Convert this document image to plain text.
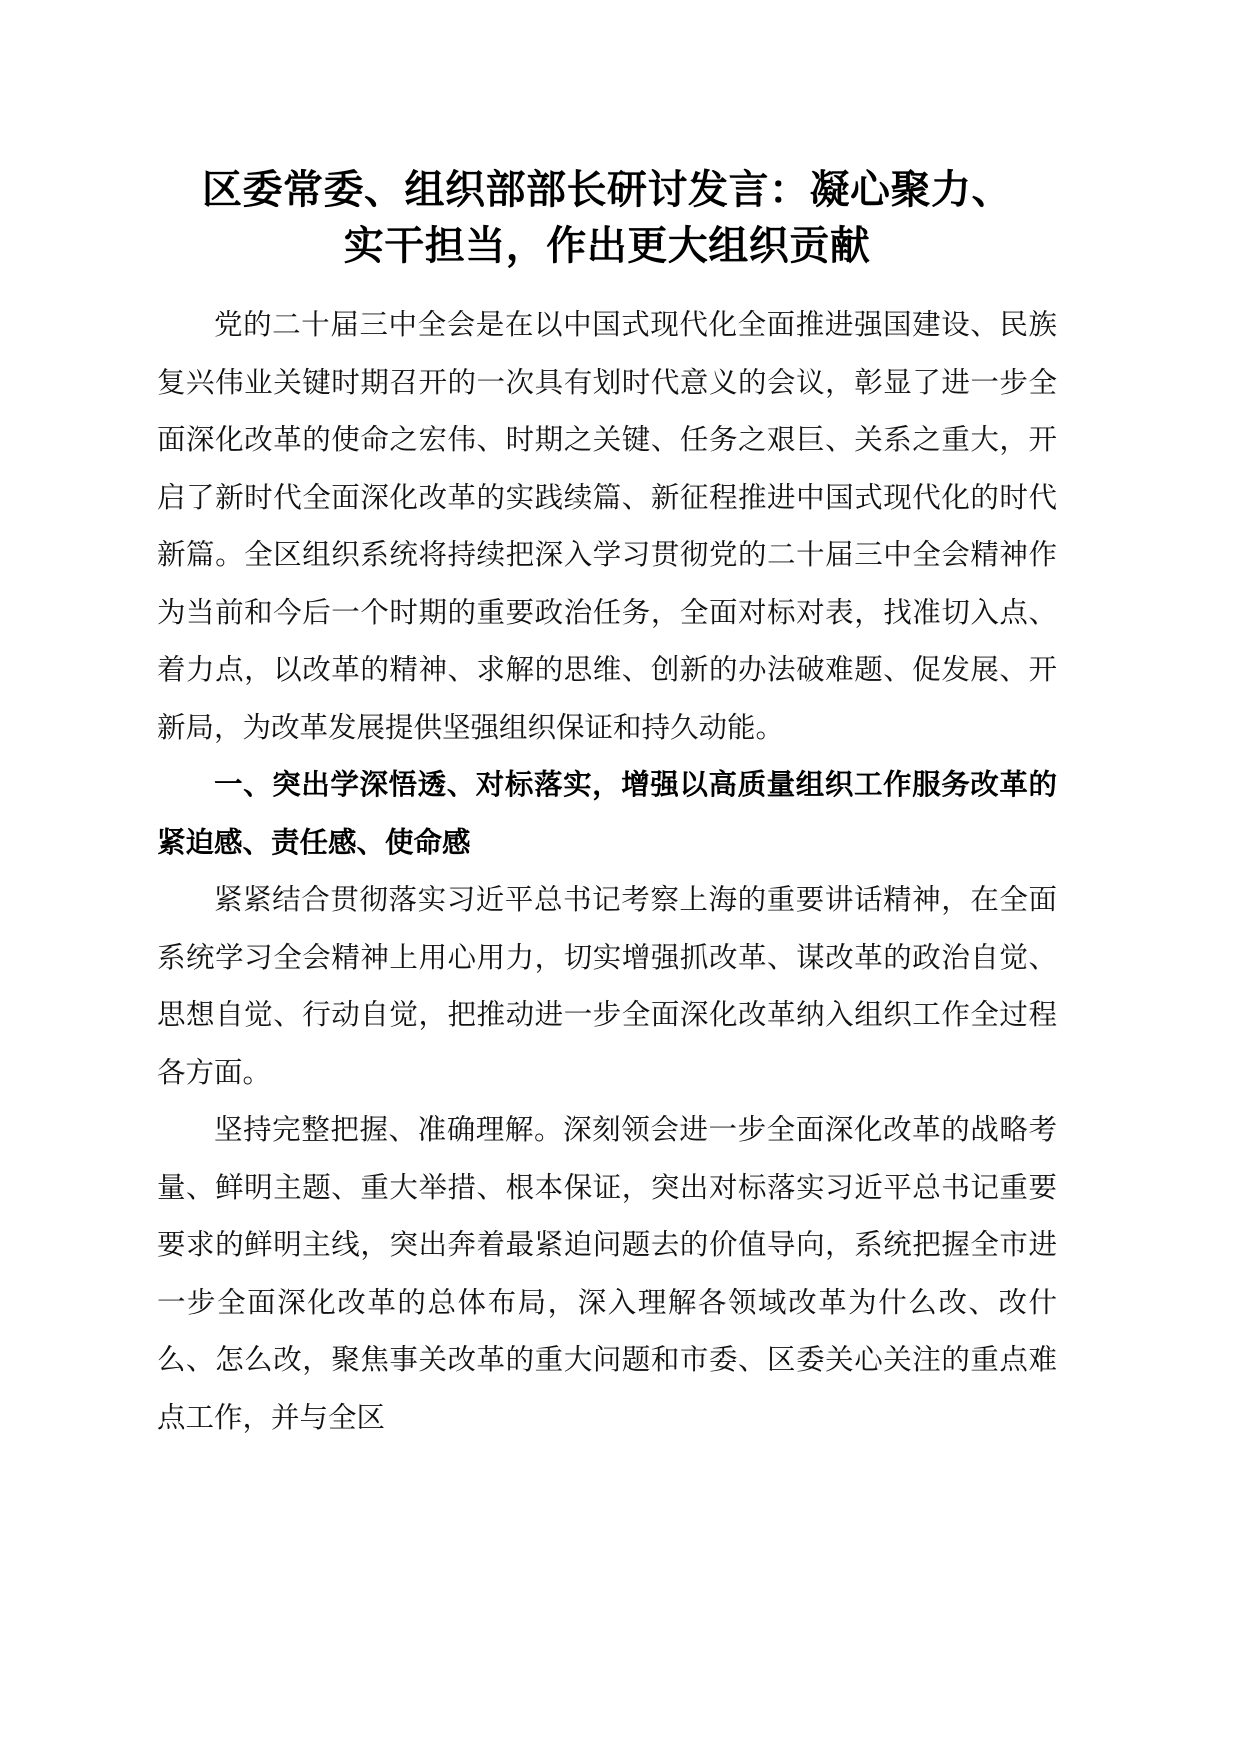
区委常委、组织部部长研讨发言：凝心聚力、
实干担当，作出更大组织贡献

党的二十届三中全会是在以中国式现代化全面推进强国建设、民族复兴伟业关键时期召开的一次具有划时代意义的会议，彰显了进一步全面深化改革的使命之宏伟、时期之关键、任务之艰巨、关系之重大，开启了新时代全面深化改革的实践续篇、新征程推进中国式现代化的时代新篇。全区组织系统将持续把深入学习贯彻党的二十届三中全会精神作为当前和今后一个时期的重要政治任务，全面对标对表，找准切入点、着力点，以改革的精神、求解的思维、创新的办法破难题、促发展、开新局，为改革发展提供坚强组织保证和持久动能。

一、突出学深悟透、对标落实，增强以高质量组织工作服务改革的紧迫感、责任感、使命感

紧紧结合贯彻落实习近平总书记考察上海的重要讲话精神，在全面系统学习全会精神上用心用力，切实增强抓改革、谋改革的政治自觉、思想自觉、行动自觉，把推动进一步全面深化改革纳入组织工作全过程各方面。

坚持完整把握、准确理解。深刻领会进一步全面深化改革的战略考量、鲜明主题、重大举措、根本保证，突出对标落实习近平总书记重要要求的鲜明主线，突出奔着最紧迫问题去的价值导向，系统把握全市进一步全面深化改革的总体布局，深入理解各领域改革为什么改、改什么、怎么改，聚焦事关改革的重大问题和市委、区委关心关注的重点难点工作，并与全区
